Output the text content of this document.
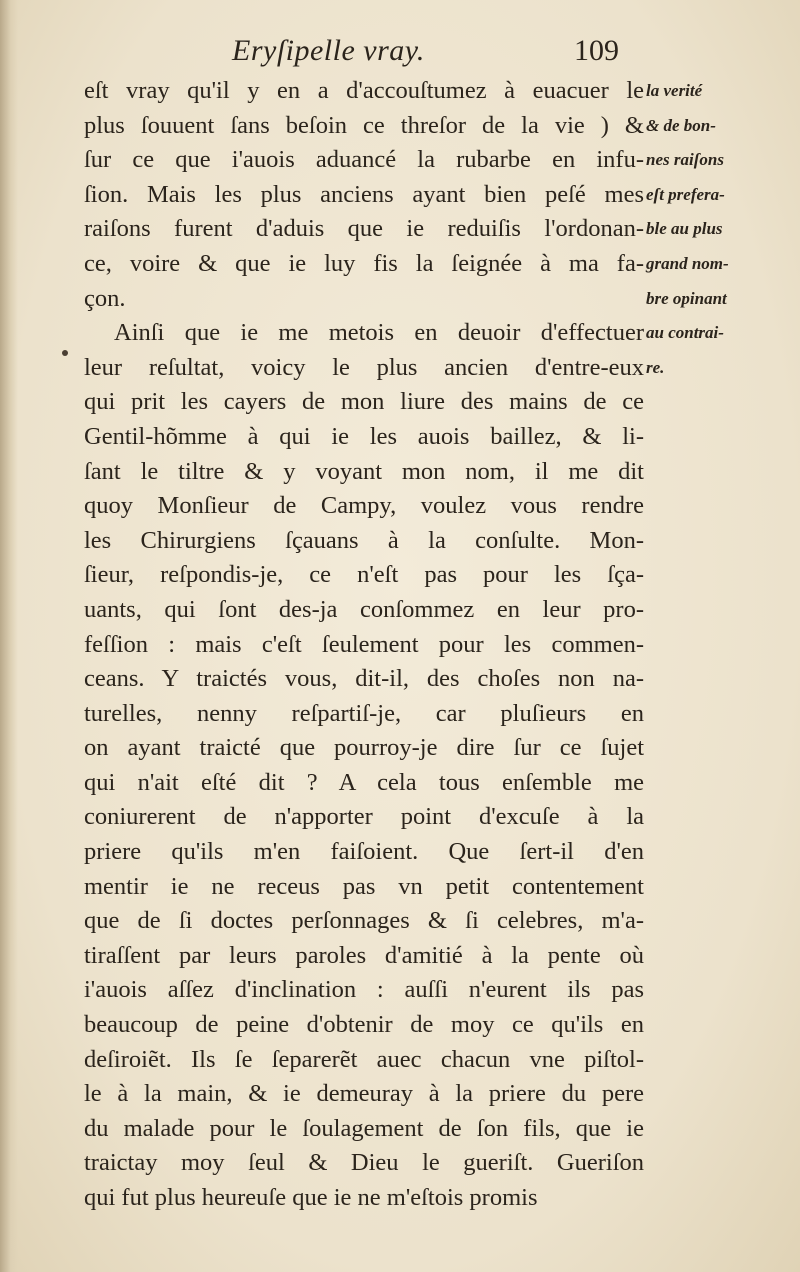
Eryſipelle vray.	109
eſt vray qu'il y en a d'accouſtumez à euacuer le
plus ſouuent ſans beſoin ce threſor de la vie ) &
ſur ce que i'auois aduancé la rubarbe en infu-
ſion. Mais les plus anciens ayant bien peſé mes
raiſons furent d'aduis que ie reduiſis l'ordonan-
ce, voire & que ie luy fis la ſeignée à ma fa-
çon.
Ainſi que ie me metois en deuoir d'effectuer
leur reſultat, voicy le plus ancien d'entre-eux
qui prit les cayers de mon liure des mains de ce
Gentil-hõmme à qui ie les auois baillez, & li-
ſant le tiltre & y voyant mon nom, il me dit
quoy Monſieur de Campy, voulez vous rendre
les Chirurgiens ſçauans à la conſulte. Mon-
ſieur, reſpondis-je, ce n'eſt pas pour les ſça-
uants, qui ſont des-ja conſommez en leur pro-
feſſion : mais c'eſt ſeulement pour les commen-
ceans. Y traictés vous, dit-il, des choſes non na-
turelles, nenny reſpartiſ-je, car pluſieurs en
on ayant traicté que pourroy-je dire ſur ce ſujet
qui n'ait eſté dit ? A cela tous enſemble me
coniurerent de n'apporter point d'excuſe à la
priere qu'ils m'en faiſoient. Que ſert-il d'en
mentir ie ne receus pas vn petit contentement
que de ſi doctes perſonnages & ſi celebres, m'a-
tiraſſent par leurs paroles d'amitié à la pente où
i'auois aſſez d'inclination : auſſi n'eurent ils pas
beaucoup de peine d'obtenir de moy ce qu'ils en
deſiroiẽt. Ils ſe ſeparerẽt auec chacun vne piſtol-
le à la main, & ie demeuray à la priere du pere
du malade pour le ſoulagement de ſon fils, que ie
traictay moy ſeul & Dieu le gueriſt. Gueriſon
qui fut plus heureuſe que ie ne m'eſtois promis
la verité
& de bon-
nes raiſons
eſt prefera-
ble au plus
grand nom-
bre opinant
au contrai-
re.
